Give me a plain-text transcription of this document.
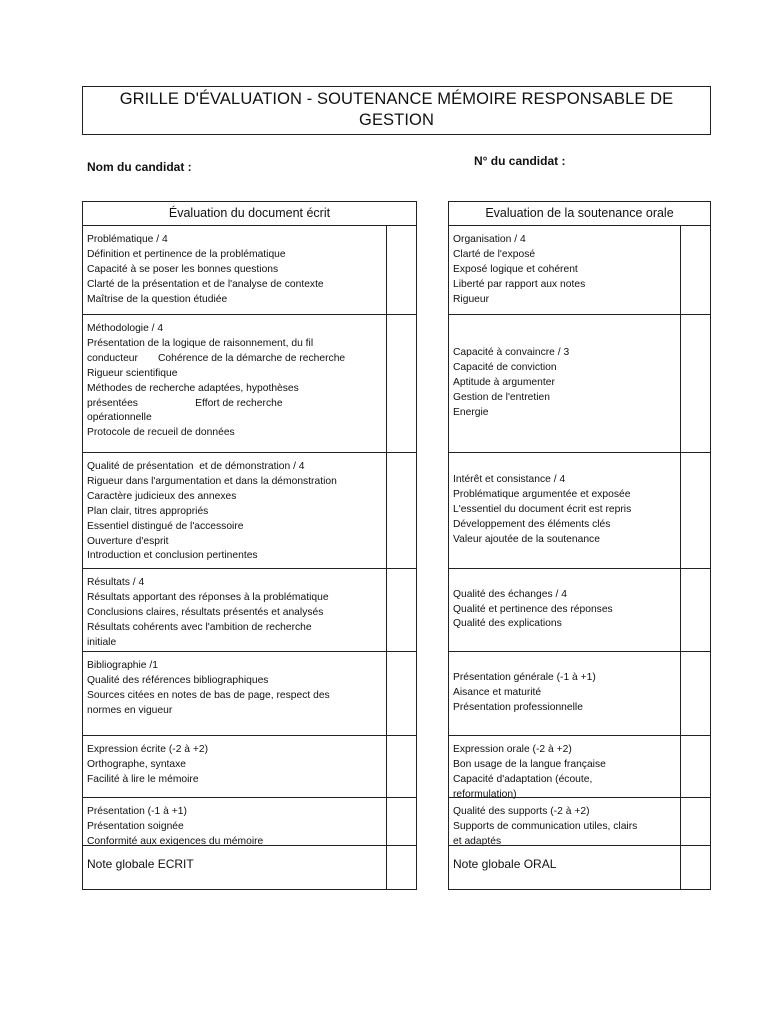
GRILLE D'ÉVALUATION - SOUTENANCE MÉMOIRE RESPONSABLE DE
GESTION
Nom du candidat :	N° du candidat :
Évaluation du document écrit
Problématique / 4
Définition et pertinence de la problématique
Capacité à se poser les bonnes questions
Clarté de la présentation et de l'analyse de contexte
Maîtrise de la question étudiée
Méthodologie / 4
Présentation de la logique de raisonnement, du fil
conducteur       Cohérence de la démarche de recherche
Rigueur scientifique
Méthodes de recherche adaptées, hypothèses
présentées                    Effort de recherche
opérationnelle
Protocole de recueil de données
Qualité de présentation  et de démonstration / 4
Rigueur dans l'argumentation et dans la démonstration
Caractère judicieux des annexes
Plan clair, titres appropriés
Essentiel distingué de l'accessoire
Ouverture d'esprit
Introduction et conclusion pertinentes
Résultats / 4
Résultats apportant des réponses à la problématique
Conclusions claires, résultats présentés et analysés
Résultats cohérents avec l'ambition de recherche
initiale
Bibliographie /1
Qualité des références bibliographiques
Sources citées en notes de bas de page, respect des
normes en vigueur
Expression écrite (-2 à +2)
Orthographe, syntaxe
Facilité à lire le mémoire
Présentation (-1 à +1)
Présentation soignée
Conformité aux exigences du mémoire
Note globale ECRIT
Evaluation de la soutenance orale
Organisation / 4
Clarté de l'exposé
Exposé logique et cohérent
Liberté par rapport aux notes
Rigueur
Capacité à convaincre / 3
Capacité de conviction
Aptitude à argumenter
Gestion de l'entretien
Energie
Intérêt et consistance / 4
Problématique argumentée et exposée
L'essentiel du document écrit est repris
Développement des éléments clés
Valeur ajoutée de la soutenance
Qualité des échanges / 4
Qualité et pertinence des réponses
Qualité des explications
Présentation générale (-1 à +1)
Aisance et maturité
Présentation professionnelle
Expression orale (-2 à +2)
Bon usage de la langue française
Capacité d'adaptation (écoute,
reformulation)
Qualité des supports (-2 à +2)
Supports de communication utiles, clairs
et adaptés
Note globale ORAL
